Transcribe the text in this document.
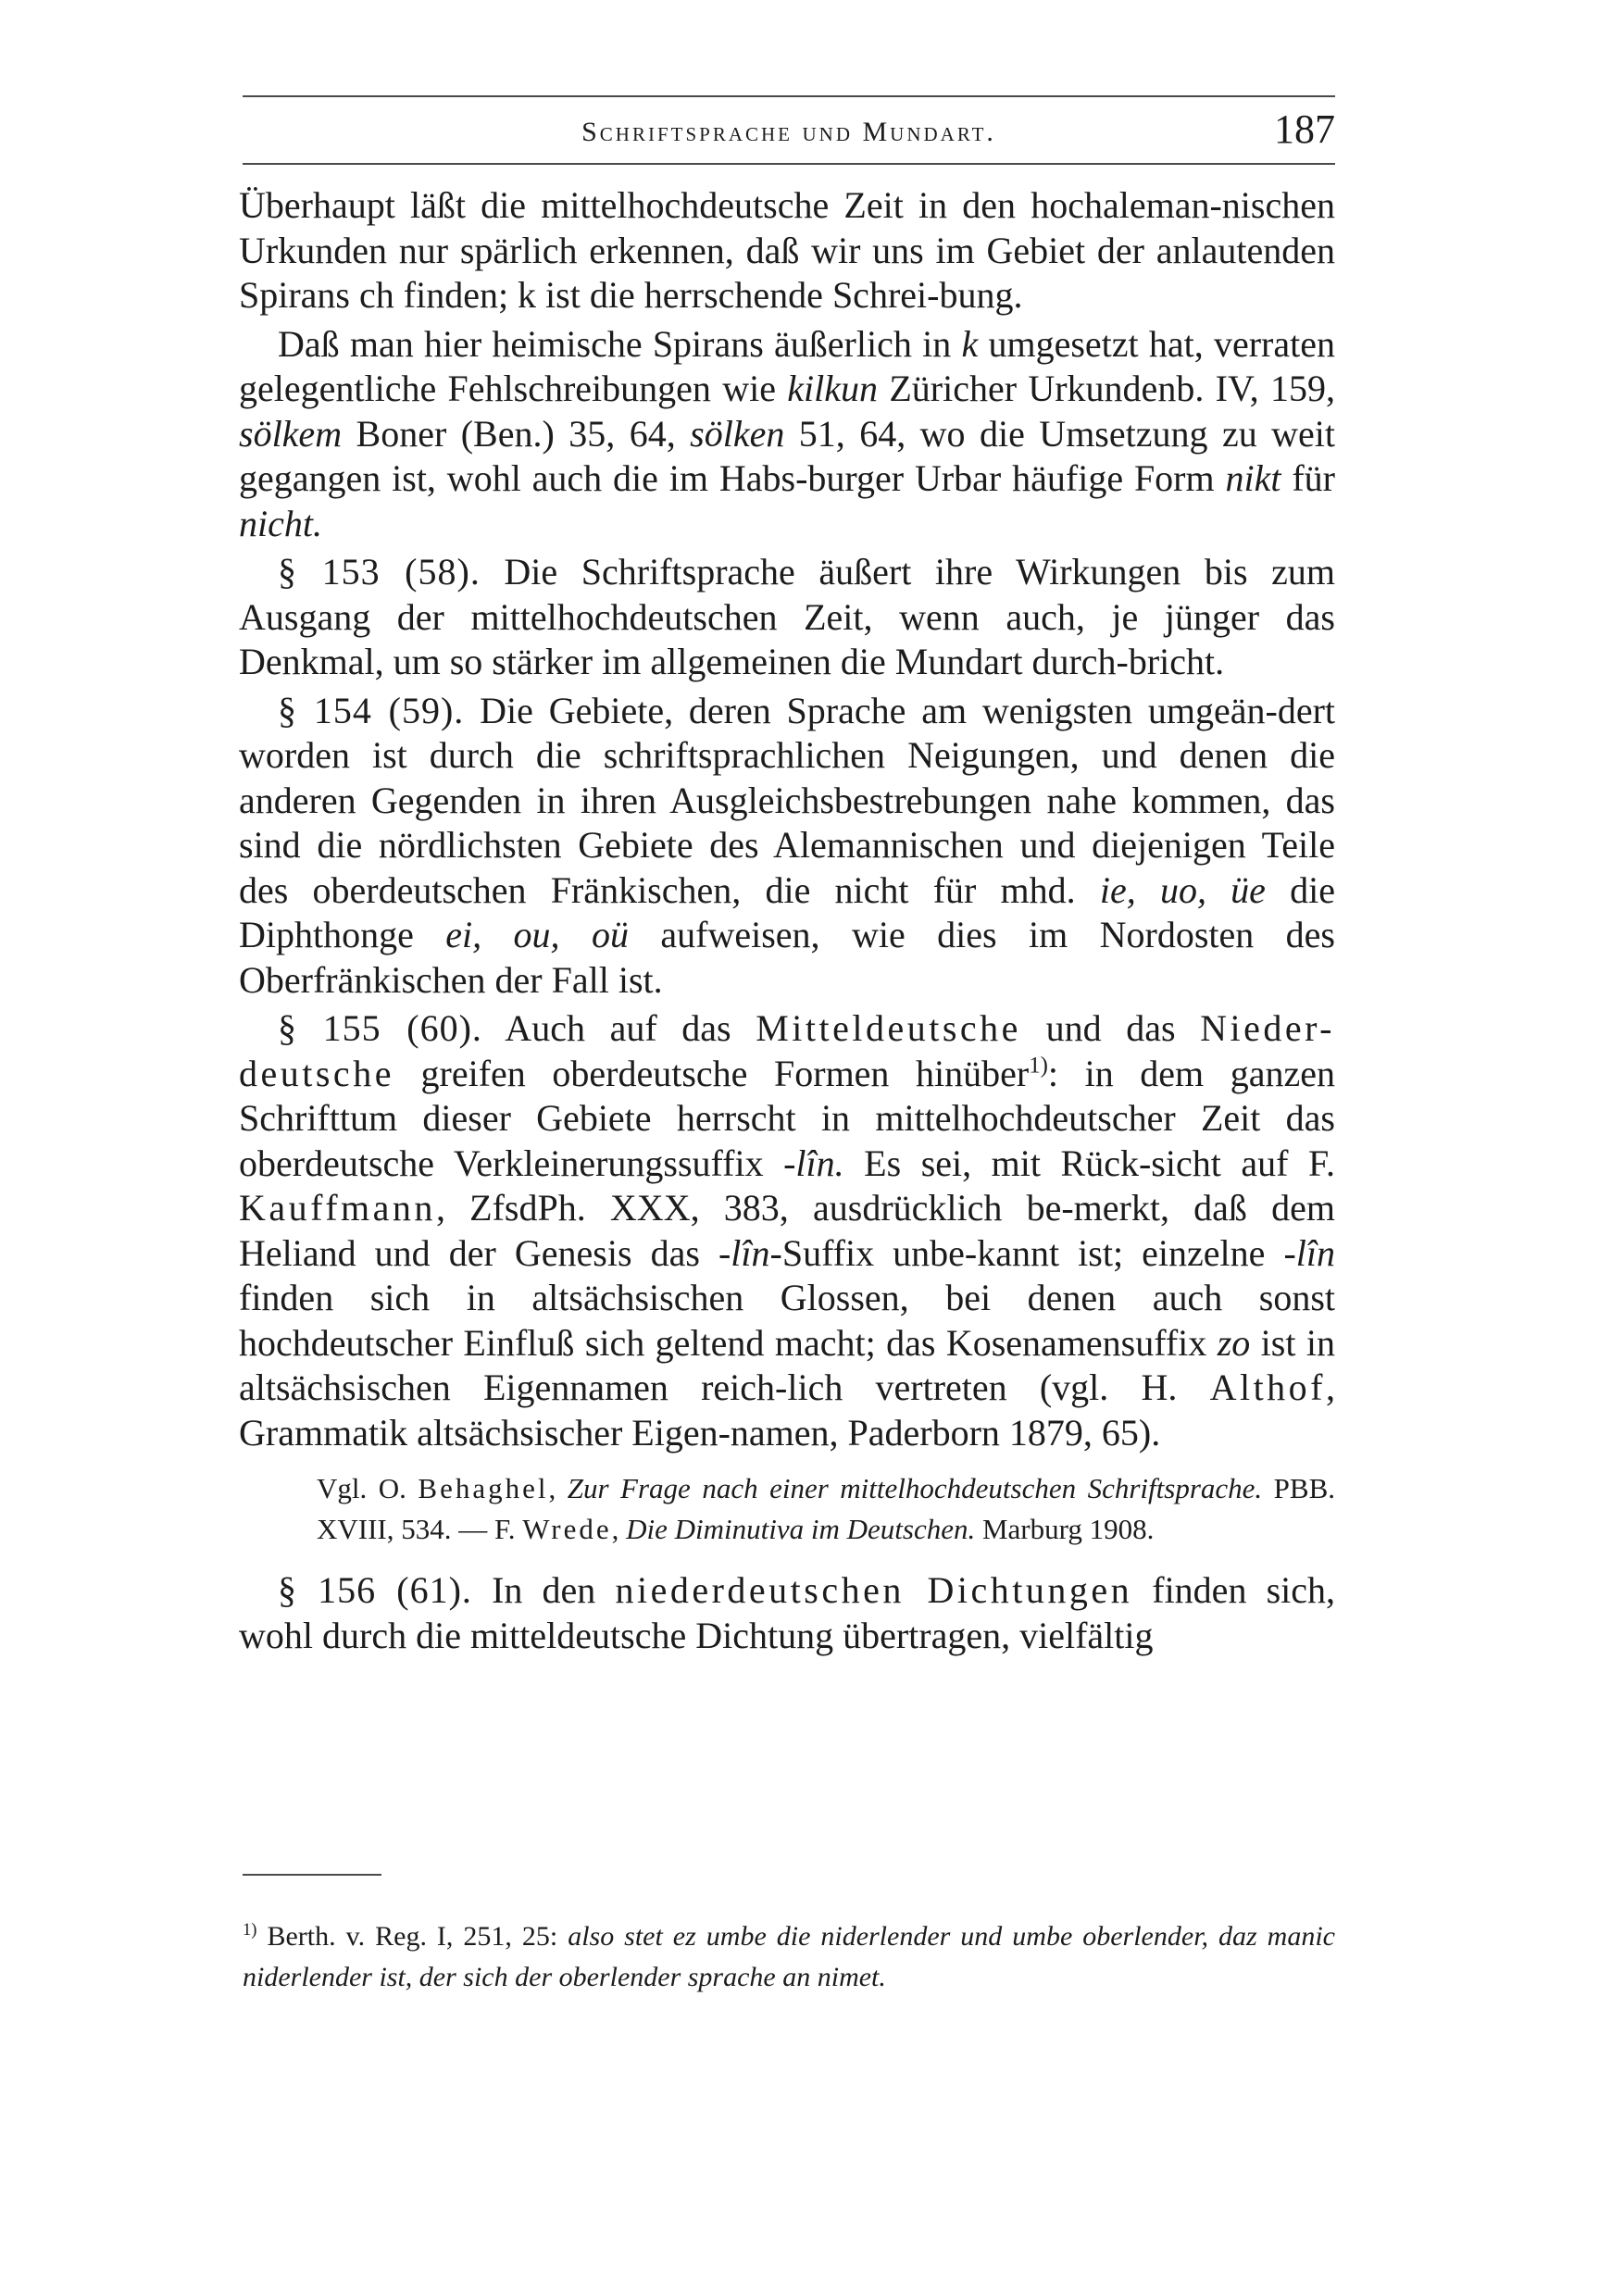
Schriftsprache und Mundart.	187

Überhaupt läßt die mittelhochdeutsche Zeit in den hochaleman-nischen Urkunden nur spärlich erkennen, daß wir uns im Gebiet der anlautenden Spirans ch finden; k ist die herrschende Schrei-bung.

Daß man hier heimische Spirans äußerlich in k umgesetzt hat, verraten gelegentliche Fehlschreibungen wie kilkun Züricher Urkundenb. IV, 159, sölkem Boner (Ben.) 35, 64, sölken 51, 64, wo die Umsetzung zu weit gegangen ist, wohl auch die im Habs-burger Urbar häufige Form nikt für nicht.

§ 153 (58). Die Schriftsprache äußert ihre Wirkungen bis zum Ausgang der mittelhochdeutschen Zeit, wenn auch, je jünger das Denkmal, um so stärker im allgemeinen die Mundart durch-bricht.

§ 154 (59). Die Gebiete, deren Sprache am wenigsten umgeän-dert worden ist durch die schriftsprachlichen Neigungen, und denen die anderen Gegenden in ihren Ausgleichsbestrebungen nahe kommen, das sind die nördlichsten Gebiete des Alemannischen und diejenigen Teile des oberdeutschen Fränkischen, die nicht für mhd. ie, uo, üe die Diphthonge ei, ou, oü aufweisen, wie dies im Nordosten des Oberfränkischen der Fall ist.

§ 155 (60). Auch auf das Mitteldeutsche und das Nieder-deutsche greifen oberdeutsche Formen hinüber$^{1)}$: in dem ganzen Schrifttum dieser Gebiete herrscht in mittelhochdeutscher Zeit das oberdeutsche Verkleinerungssuffix -lîn. Es sei, mit Rück-sicht auf F. Kauffmann, ZfsdPh. XXX, 383, ausdrücklich be-merkt, daß dem Heliand und der Genesis das -lîn-Suffix unbe-kannt ist; einzelne -lîn finden sich in altsächsischen Glossen, bei denen auch sonst hochdeutscher Einfluß sich geltend macht; das Kosenamensuffix zo ist in altsächsischen Eigennamen reich-lich vertreten (vgl. H. Althof, Grammatik altsächsischer Eigen-namen, Paderborn 1879, 65).

Vgl. O. Behaghel, Zur Frage nach einer mittelhochdeutschen Schriftsprache. PBB. XVIII, 534. — F. Wrede, Die Diminutiva im Deutschen. Marburg 1908.

§ 156 (61). In den niederdeutschen Dichtungen finden sich, wohl durch die mitteldeutsche Dichtung übertragen, vielfältig

$^{1)}$ Berth. v. Reg. I, 251, 25: also stet ez umbe die niderlender und umbe oberlender, daz manic niderlender ist, der sich der oberlender sprache an nimet.
